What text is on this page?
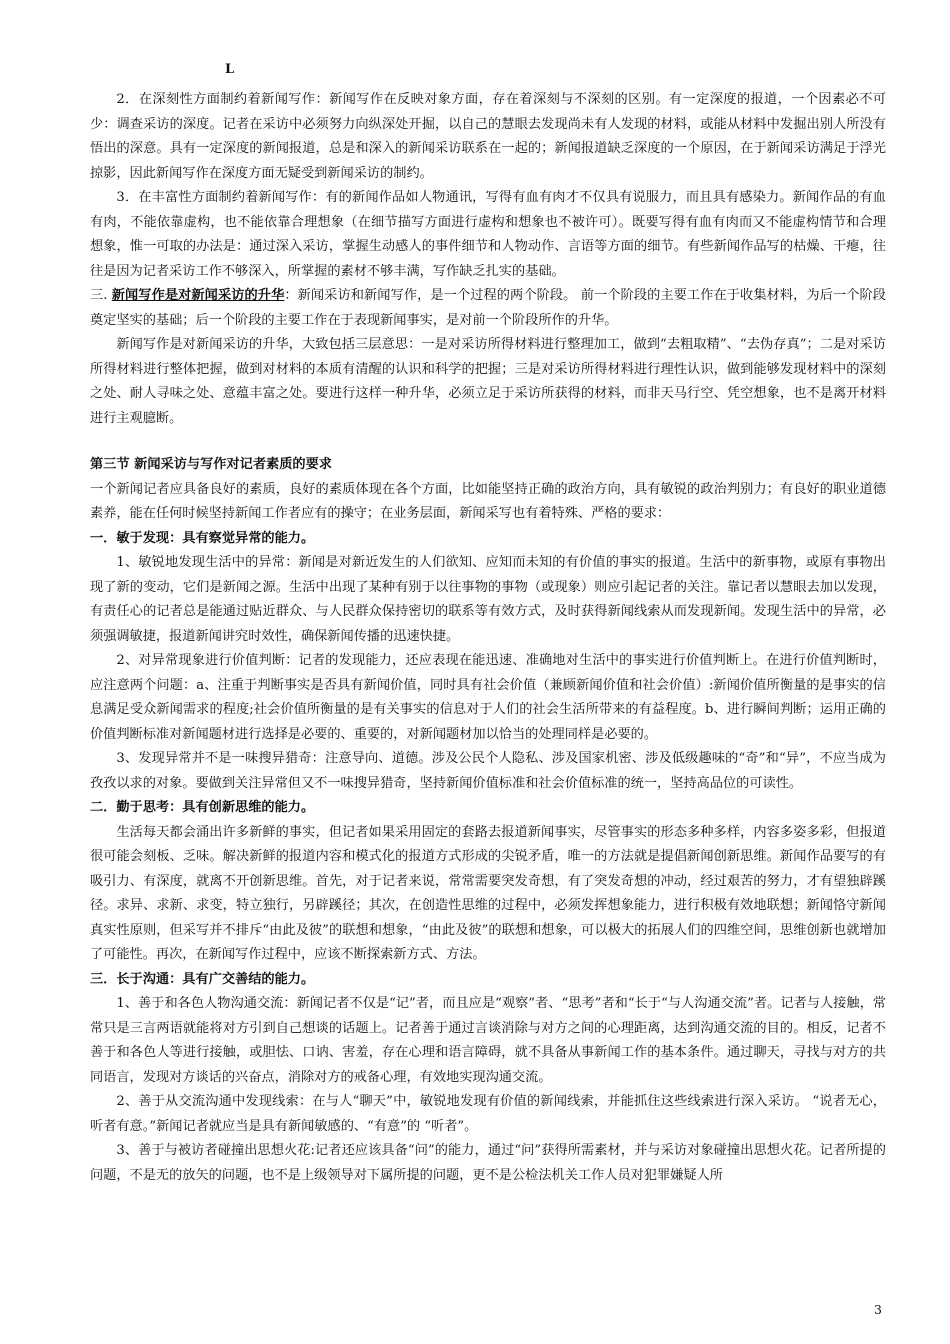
L

2．在深刻性方面制约着新闻写作：新闻写作在反映对象方面，存在着深刻与不深刻的区别。有一定深度的报道，一个因素必不可少：调查采访的深度。记者在采访中必须努力向纵深处开掘，以自己的慧眼去发现尚未有人发现的材料，或能从材料中发掘出别人所没有悟出的深意。具有一定深度的新闻报道，总是和深入的新闻采访联系在一起的；新闻报道缺乏深度的一个原因，在于新闻采访满足于浮光掠影，因此新闻写作在深度方面无疑受到新闻采访的制约。

3．在丰富性方面制约着新闻写作：有的新闻作品如人物通讯，写得有血有肉才不仅具有说服力，而且具有感染力。新闻作品的有血有肉，不能依靠虚构，也不能依靠合理想象（在细节描写方面进行虚构和想象也不被许可）。既要写得有血有肉而又不能虚构情节和合理想象，惟一可取的办法是：通过深入采访，掌握生动感人的事件细节和人物动作、言语等方面的细节。有些新闻作品写的枯燥、干瘪，往往是因为记者采访工作不够深入，所掌握的素材不够丰满，写作缺乏扎实的基础。

三. 新闻写作是对新闻采访的升华：新闻采访和新闻写作，是一个过程的两个阶段。 前一个阶段的主要工作在于收集材料，为后一个阶段奠定坚实的基础；后一个阶段的主要工作在于表现新闻事实，是对前一个阶段所作的升华。

新闻写作是对新闻采访的升华，大致包括三层意思：一是对采访所得材料进行整理加工，做到“去粗取精”、“去伪存真”；二是对采访所得材料进行整体把握，做到对材料的本质有清醒的认识和科学的把握；三是对采访所得材料进行理性认识，做到能够发现材料中的深刻之处、耐人寻味之处、意蕴丰富之处。要进行这样一种升华，必须立足于采访所获得的材料，而非天马行空、凭空想象，也不是离开材料进行主观臆断。

第三节 新闻采访与写作对记者素质的要求

一个新闻记者应具备良好的素质，良好的素质体现在各个方面，比如能坚持正确的政治方向，具有敏锐的政治判别力；有良好的职业道德素养，能在任何时候坚持新闻工作者应有的操守；在业务层面，新闻采写也有着特殊、严格的要求：

一．敏于发现：具有察觉异常的能力。

1、敏锐地发现生活中的异常：新闻是对新近发生的人们欲知、应知而未知的有价值的事实的报道。生活中的新事物，或原有事物出现了新的变动，它们是新闻之源。生活中出现了某种有别于以往事物的事物（或现象）则应引起记者的关注。靠记者以慧眼去加以发现，有责任心的记者总是能通过贴近群众、与人民群众保持密切的联系等有效方式，及时获得新闻线索从而发现新闻。发现生活中的异常，必须强调敏捷，报道新闻讲究时效性，确保新闻传播的迅速快捷。

2、对异常现象进行价值判断：记者的发现能力，还应表现在能迅速、准确地对生活中的事实进行价值判断上。在进行价值判断时，应注意两个问题：a、注重于判断事实是否具有新闻价值，同时具有社会价值（兼顾新闻价值和社会价值）:新闻价值所衡量的是事实的信息满足受众新闻需求的程度;社会价值所衡量的是有关事实的信息对于人们的社会生活所带来的有益程度。b、进行瞬间判断；运用正确的价值判断标准对新闻题材进行选择是必要的、重要的，对新闻题材加以恰当的处理同样是必要的。

3、发现异常并不是一味搜异猎奇：注意导向、道德。涉及公民个人隐私、涉及国家机密、涉及低级趣味的“奇”和“异”，不应当成为孜孜以求的对象。要做到关注异常但又不一味搜异猎奇，坚持新闻价值标准和社会价值标准的统一，坚持高品位的可读性。

二．勤于思考：具有创新思维的能力。

生活每天都会涌出许多新鲜的事实，但记者如果采用固定的套路去报道新闻事实，尽管事实的形态多种多样，内容多姿多彩，但报道很可能会刻板、乏味。解决新鲜的报道内容和模式化的报道方式形成的尖锐矛盾，唯一的方法就是提倡新闻创新思维。新闻作品要写的有吸引力、有深度，就离不开创新思维。首先，对于记者来说，常常需要突发奇想，有了突发奇想的冲动，经过艰苦的努力，才有望独辟蹊径。求异、求新、求变，特立独行，另辟蹊径；其次，在创造性思维的过程中，必须发挥想象能力，进行积极有效地联想；新闻恪守新闻真实性原则，但采写并不排斥“由此及彼”的联想和想象，“由此及彼”的联想和想象，可以极大的拓展人们的四维空间，思维创新也就增加了可能性。再次，在新闻写作过程中，应该不断探索新方式、方法。

三．长于沟通：具有广交善结的能力。

1、善于和各色人物沟通交流：新闻记者不仅是“记”者，而且应是“观察”者、“思考”者和“长于“与人沟通交流”者。记者与人接触，常常只是三言两语就能将对方引到自己想谈的话题上。记者善于通过言谈消除与对方之间的心理距离，达到沟通交流的目的。相反，记者不善于和各色人等进行接触，或胆怯、口讷、害羞，存在心理和语言障碍，就不具备从事新闻工作的基本条件。通过聊天，寻找与对方的共同语言，发现对方谈话的兴奋点，消除对方的戒备心理，有效地实现沟通交流。

2、善于从交流沟通中发现线索：在与人“聊天”中，敏锐地发现有价值的新闻线索，并能抓住这些线索进行深入采访。 “说者无心，听者有意。”新闻记者就应当是具有新闻敏感的、“有意”的 “听者”。

3、善于与被访者碰撞出思想火花:记者还应该具备“问”的能力，通过“问”获得所需素材，并与采访对象碰撞出思想火花。记者所提的问题，不是无的放矢的问题，也不是上级领导对下属所提的问题，更不是公检法机关工作人员对犯罪嫌疑人所

3
